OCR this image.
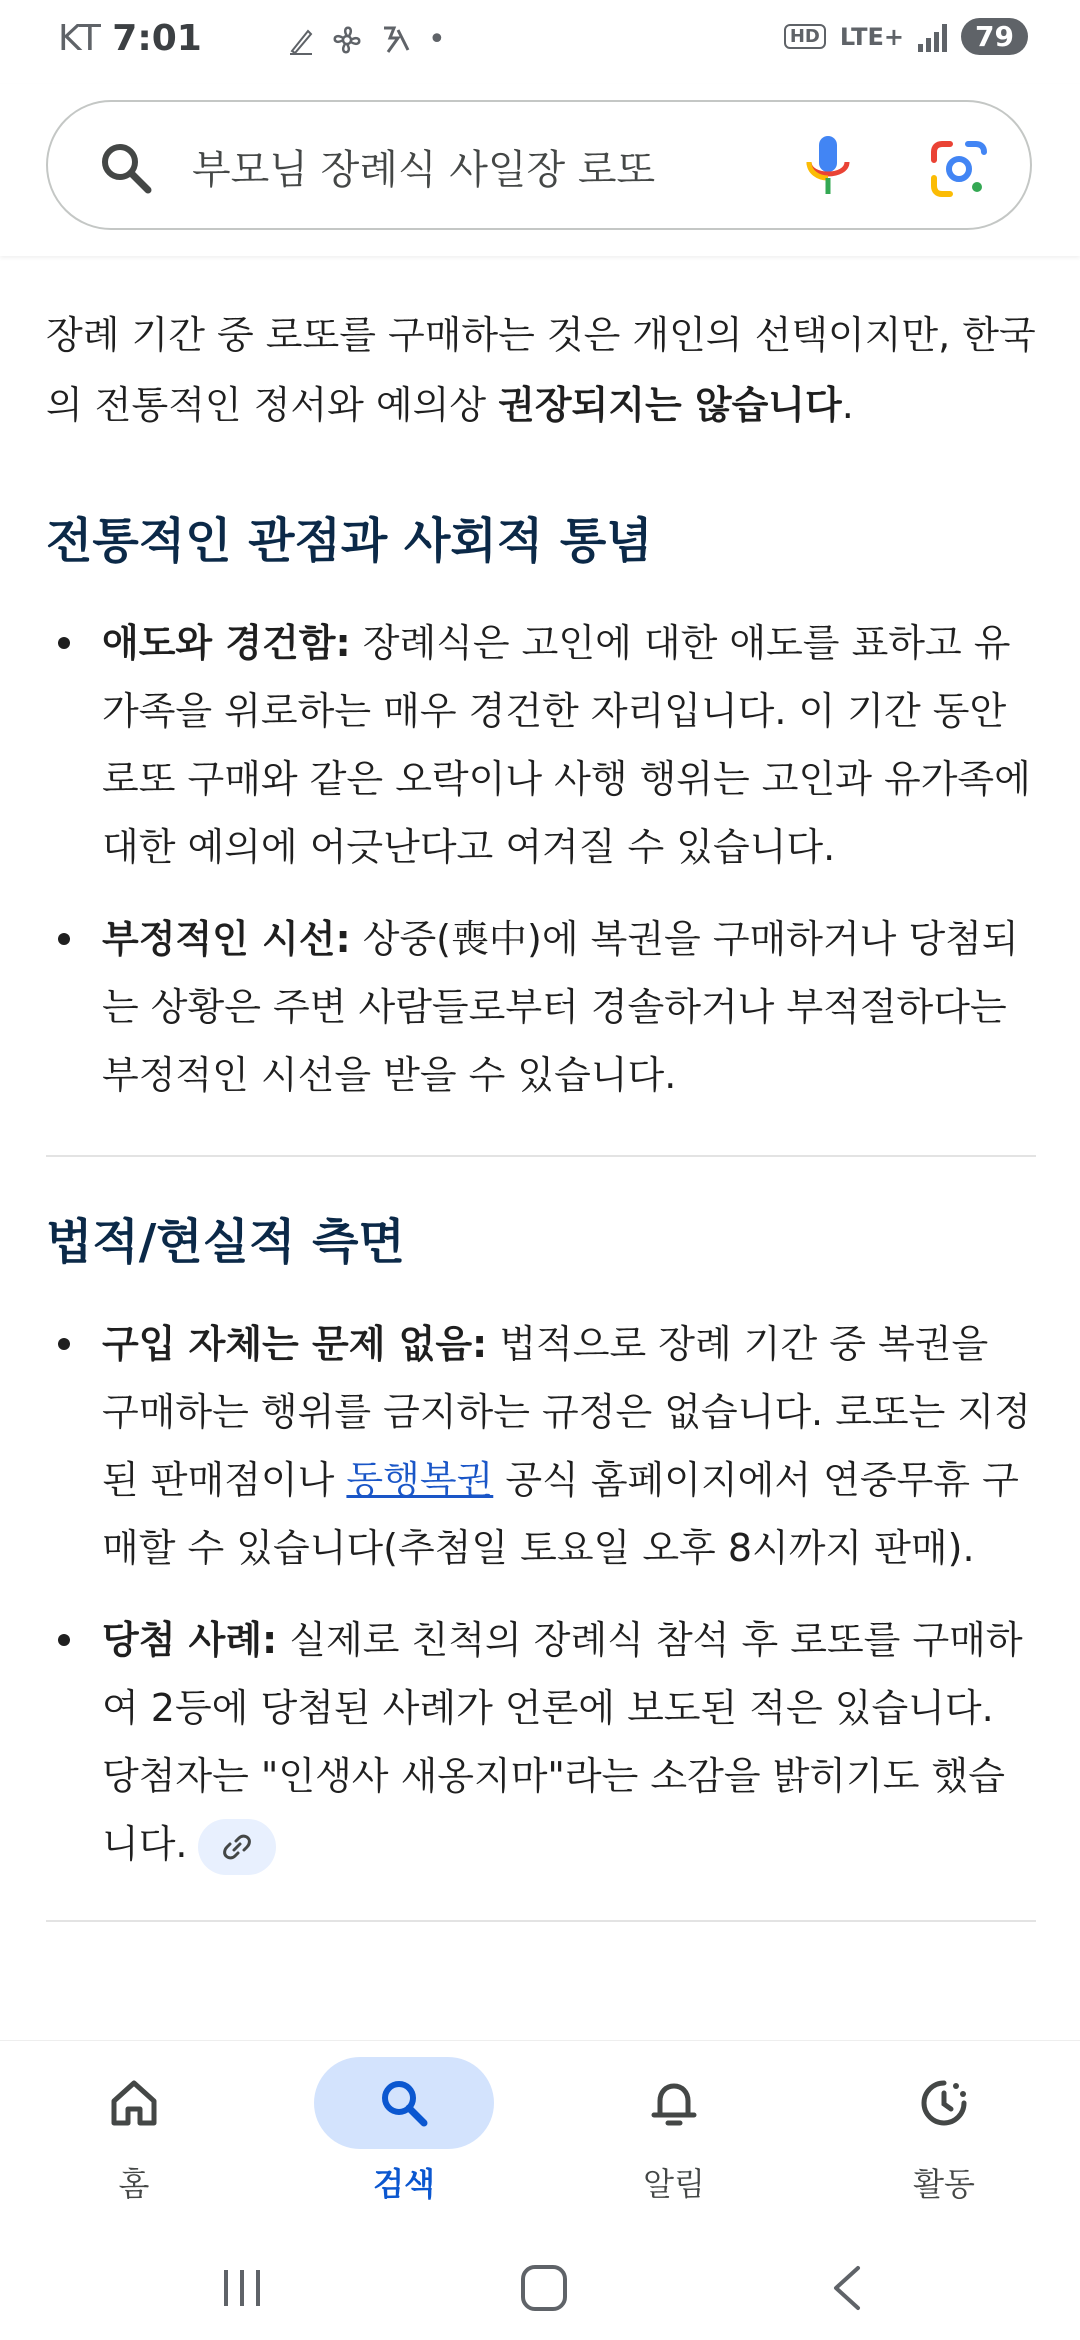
KT 7:01	•	HD LTE+	79
부모님 장례식 사일장 로또

장례 기간 중 로또를 구매하는 것은 개인의 선택이지만, 한국의 전통적인 정서와 예의상 권장되지는 않습니다.

전통적인 관점과 사회적 통념
애도와 경건함: 장례식은 고인에 대한 애도를 표하고 유가족을 위로하는 매우 경건한 자리입니다. 이 기간 동안 로또 구매와 같은 오락이나 사행 행위는 고인과 유가족에 대한 예의에 어긋난다고 여겨질 수 있습니다.
부정적인 시선: 상중(喪中)에 복권을 구매하거나 당첨되는 상황은 주변 사람들로부터 경솔하거나 부적절하다는 부정적인 시선을 받을 수 있습니다.
법적/현실적 측면
구입 자체는 문제 없음: 법적으로 장례 기간 중 복권을 구매하는 행위를 금지하는 규정은 없습니다. 로또는 지정된 판매점이나 동행복권 공식 홈페이지에서 연중무휴 구매할 수 있습니다(추첨일 토요일 오후 8시까지 판매).
당첨 사례: 실제로 친척의 장례식 참석 후 로또를 구매하여 2등에 당첨된 사례가 언론에 보도된 적은 있습니다. 당첨자는 "인생사 새옹지마"라는 소감을 밝히기도 했습니다.
홈	검색	알림	활동
